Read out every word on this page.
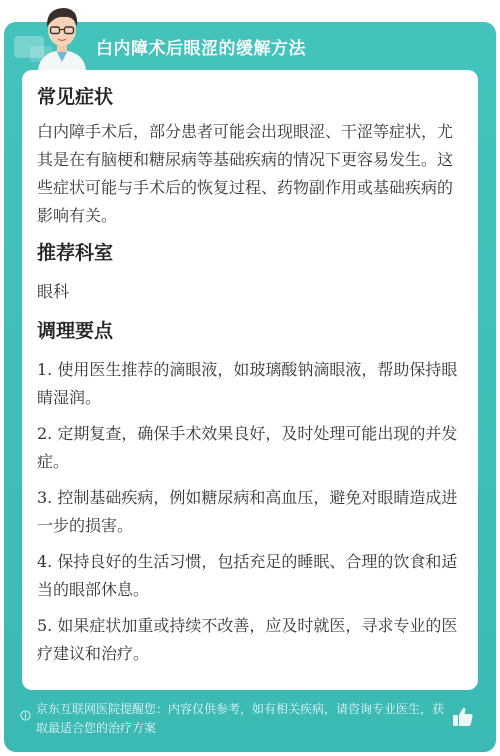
白内障术后眼涩的缓解方法
常见症状

白内障手术后，部分患者可能会出现眼涩、干涩等症状，尤其是在有脑梗和糖尿病等基础疾病的情况下更容易发生。这些症状可能与手术后的恢复过程、药物副作用或基础疾病的影响有关。

推荐科室

眼科

调理要点

1. 使用医生推荐的滴眼液，如玻璃酸钠滴眼液，帮助保持眼睛湿润。

2. 定期复查，确保手术效果良好，及时处理可能出现的并发症。

3. 控制基础疾病，例如糖尿病和高血压，避免对眼睛造成进一步的损害。

4. 保持良好的生活习惯，包括充足的睡眠、合理的饮食和适当的眼部休息。

5. 如果症状加重或持续不改善，应及时就医，寻求专业的医疗建议和治疗。

京东互联网医院提醒您：内容仅供参考，如有相关疾病，请咨询专业医生，获取最适合您的治疗方案
